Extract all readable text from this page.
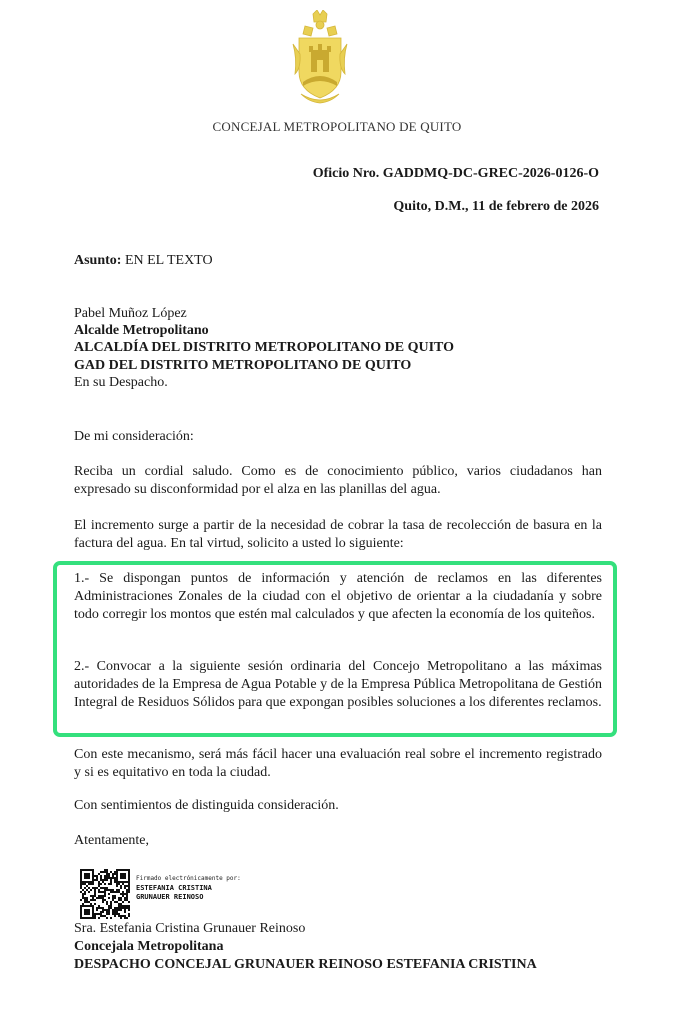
CONCEJAL METROPOLITANO DE QUITO
Oficio Nro. GADDMQ-DC-GREC-2026-0126-O
Quito, D.M., 11 de febrero de 2026
Asunto: EN EL TEXTO
Pabel Muñoz López
Alcalde Metropolitano
ALCALDÍA DEL DISTRITO METROPOLITANO DE QUITO
GAD DEL DISTRITO METROPOLITANO DE QUITO
En su Despacho.
De mi consideración:
Reciba un cordial saludo. Como es de conocimiento público, varios ciudadanos han expresado su disconformidad por el alza en las planillas del agua.
El incremento surge a partir de la necesidad de cobrar la tasa de recolección de basura en la factura del agua. En tal virtud, solicito a usted lo siguiente:
1.- Se dispongan puntos de información y atención de reclamos en las diferentes Administraciones Zonales de la ciudad con el objetivo de orientar a la ciudadanía y sobre todo corregir los montos que estén mal calculados y que afecten la economía de los quiteños.
2.- Convocar a la siguiente sesión ordinaria del Concejo Metropolitano a las máximas autoridades de la Empresa de Agua Potable y de la Empresa Pública Metropolitana de Gestión Integral de Residuos Sólidos para que expongan posibles soluciones a los diferentes reclamos.
Con este mecanismo, será más fácil hacer una evaluación real sobre el incremento registrado y si es equitativo en toda la ciudad.
Con sentimientos de distinguida consideración.
Atentamente,
Firmado electrónicamente por:
ESTEFANIA CRISTINA
GRUNAUER REINOSO
Sra. Estefania Cristina Grunauer Reinoso
Concejala Metropolitana
DESPACHO CONCEJAL GRUNAUER REINOSO ESTEFANIA CRISTINA
